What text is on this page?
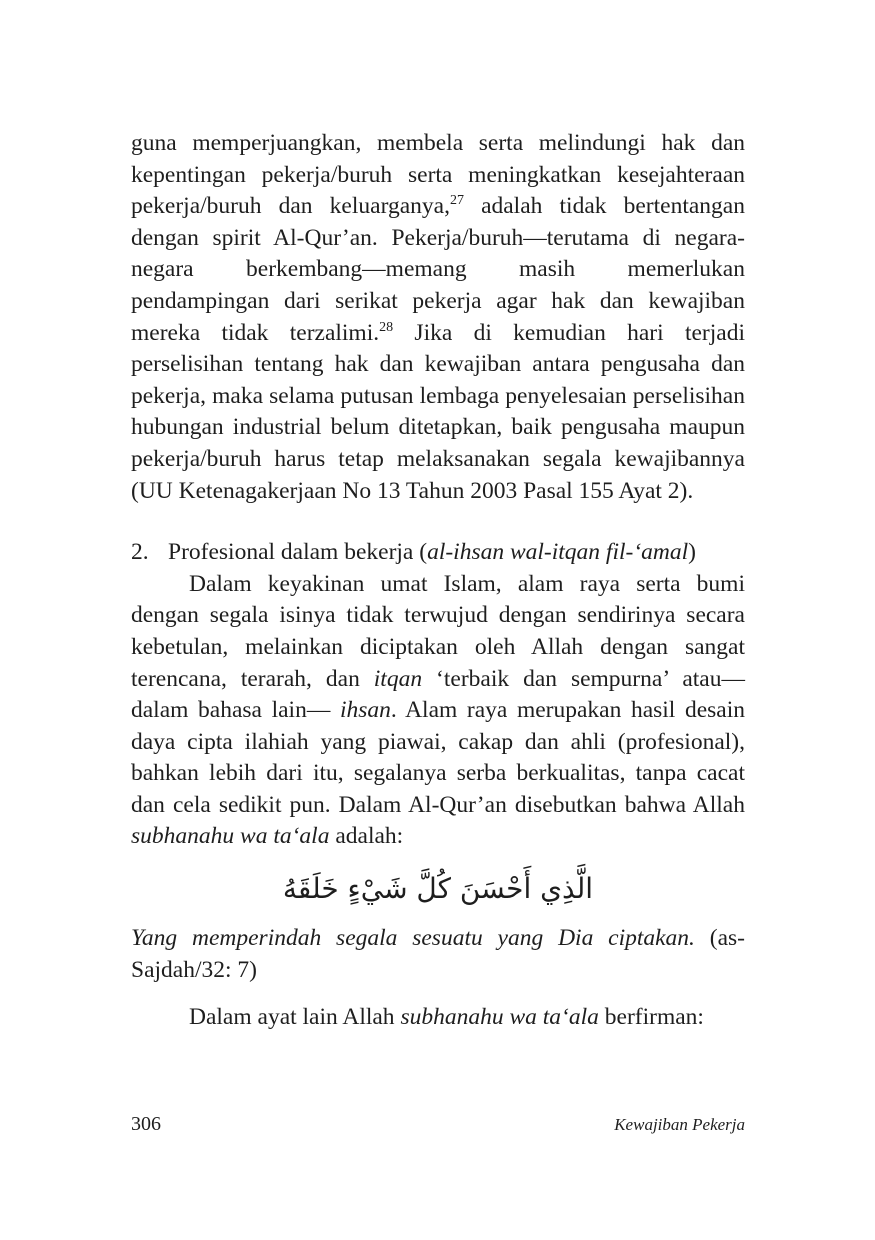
guna memperjuangkan, membela serta melindungi hak dan kepentingan pekerja/buruh serta meningkatkan kesejahteraan pekerja/buruh dan keluarganya,$^{27}$ adalah tidak bertentangan dengan spirit Al-Qur’an. Pekerja/buruh—terutama di negara-negara berkembang—memang masih memerlukan pendampingan dari serikat pekerja agar hak dan kewajiban mereka tidak terzalimi.$^{28}$ Jika di kemudian hari terjadi perselisihan tentang hak dan kewajiban antara pengusaha dan pekerja, maka selama putusan lembaga penyelesaian perselisihan hubungan industrial belum ditetapkan, baik pengusaha maupun pekerja/buruh harus tetap melaksanakan segala kewajibannya (UU Ketenagakerjaan No 13 Tahun 2003 Pasal 155 Ayat 2).

2. Profesional dalam bekerja (al-ihsan wal-itqan fil-‘amal)

Dalam keyakinan umat Islam, alam raya serta bumi dengan segala isinya tidak terwujud dengan sendirinya secara kebetulan, melainkan diciptakan oleh Allah dengan sangat terencana, terarah, dan itqan ‘terbaik dan sempurna’ atau—dalam bahasa lain— ihsan. Alam raya merupakan hasil desain daya cipta ilahiah yang piawai, cakap dan ahli (profesional), bahkan lebih dari itu, segalanya serba berkualitas, tanpa cacat dan cela sedikit pun. Dalam Al-Qur’an disebutkan bahwa Allah subhanahu wa ta‘ala adalah:

الَّذِي أَحْسَنَ كُلَّ شَيْءٍ خَلَقَهُ

Yang memperindah segala sesuatu yang Dia ciptakan. (as-Sajdah/32: 7)

Dalam ayat lain Allah subhanahu wa ta‘ala berfirman:

306	Kewajiban Pekerja
